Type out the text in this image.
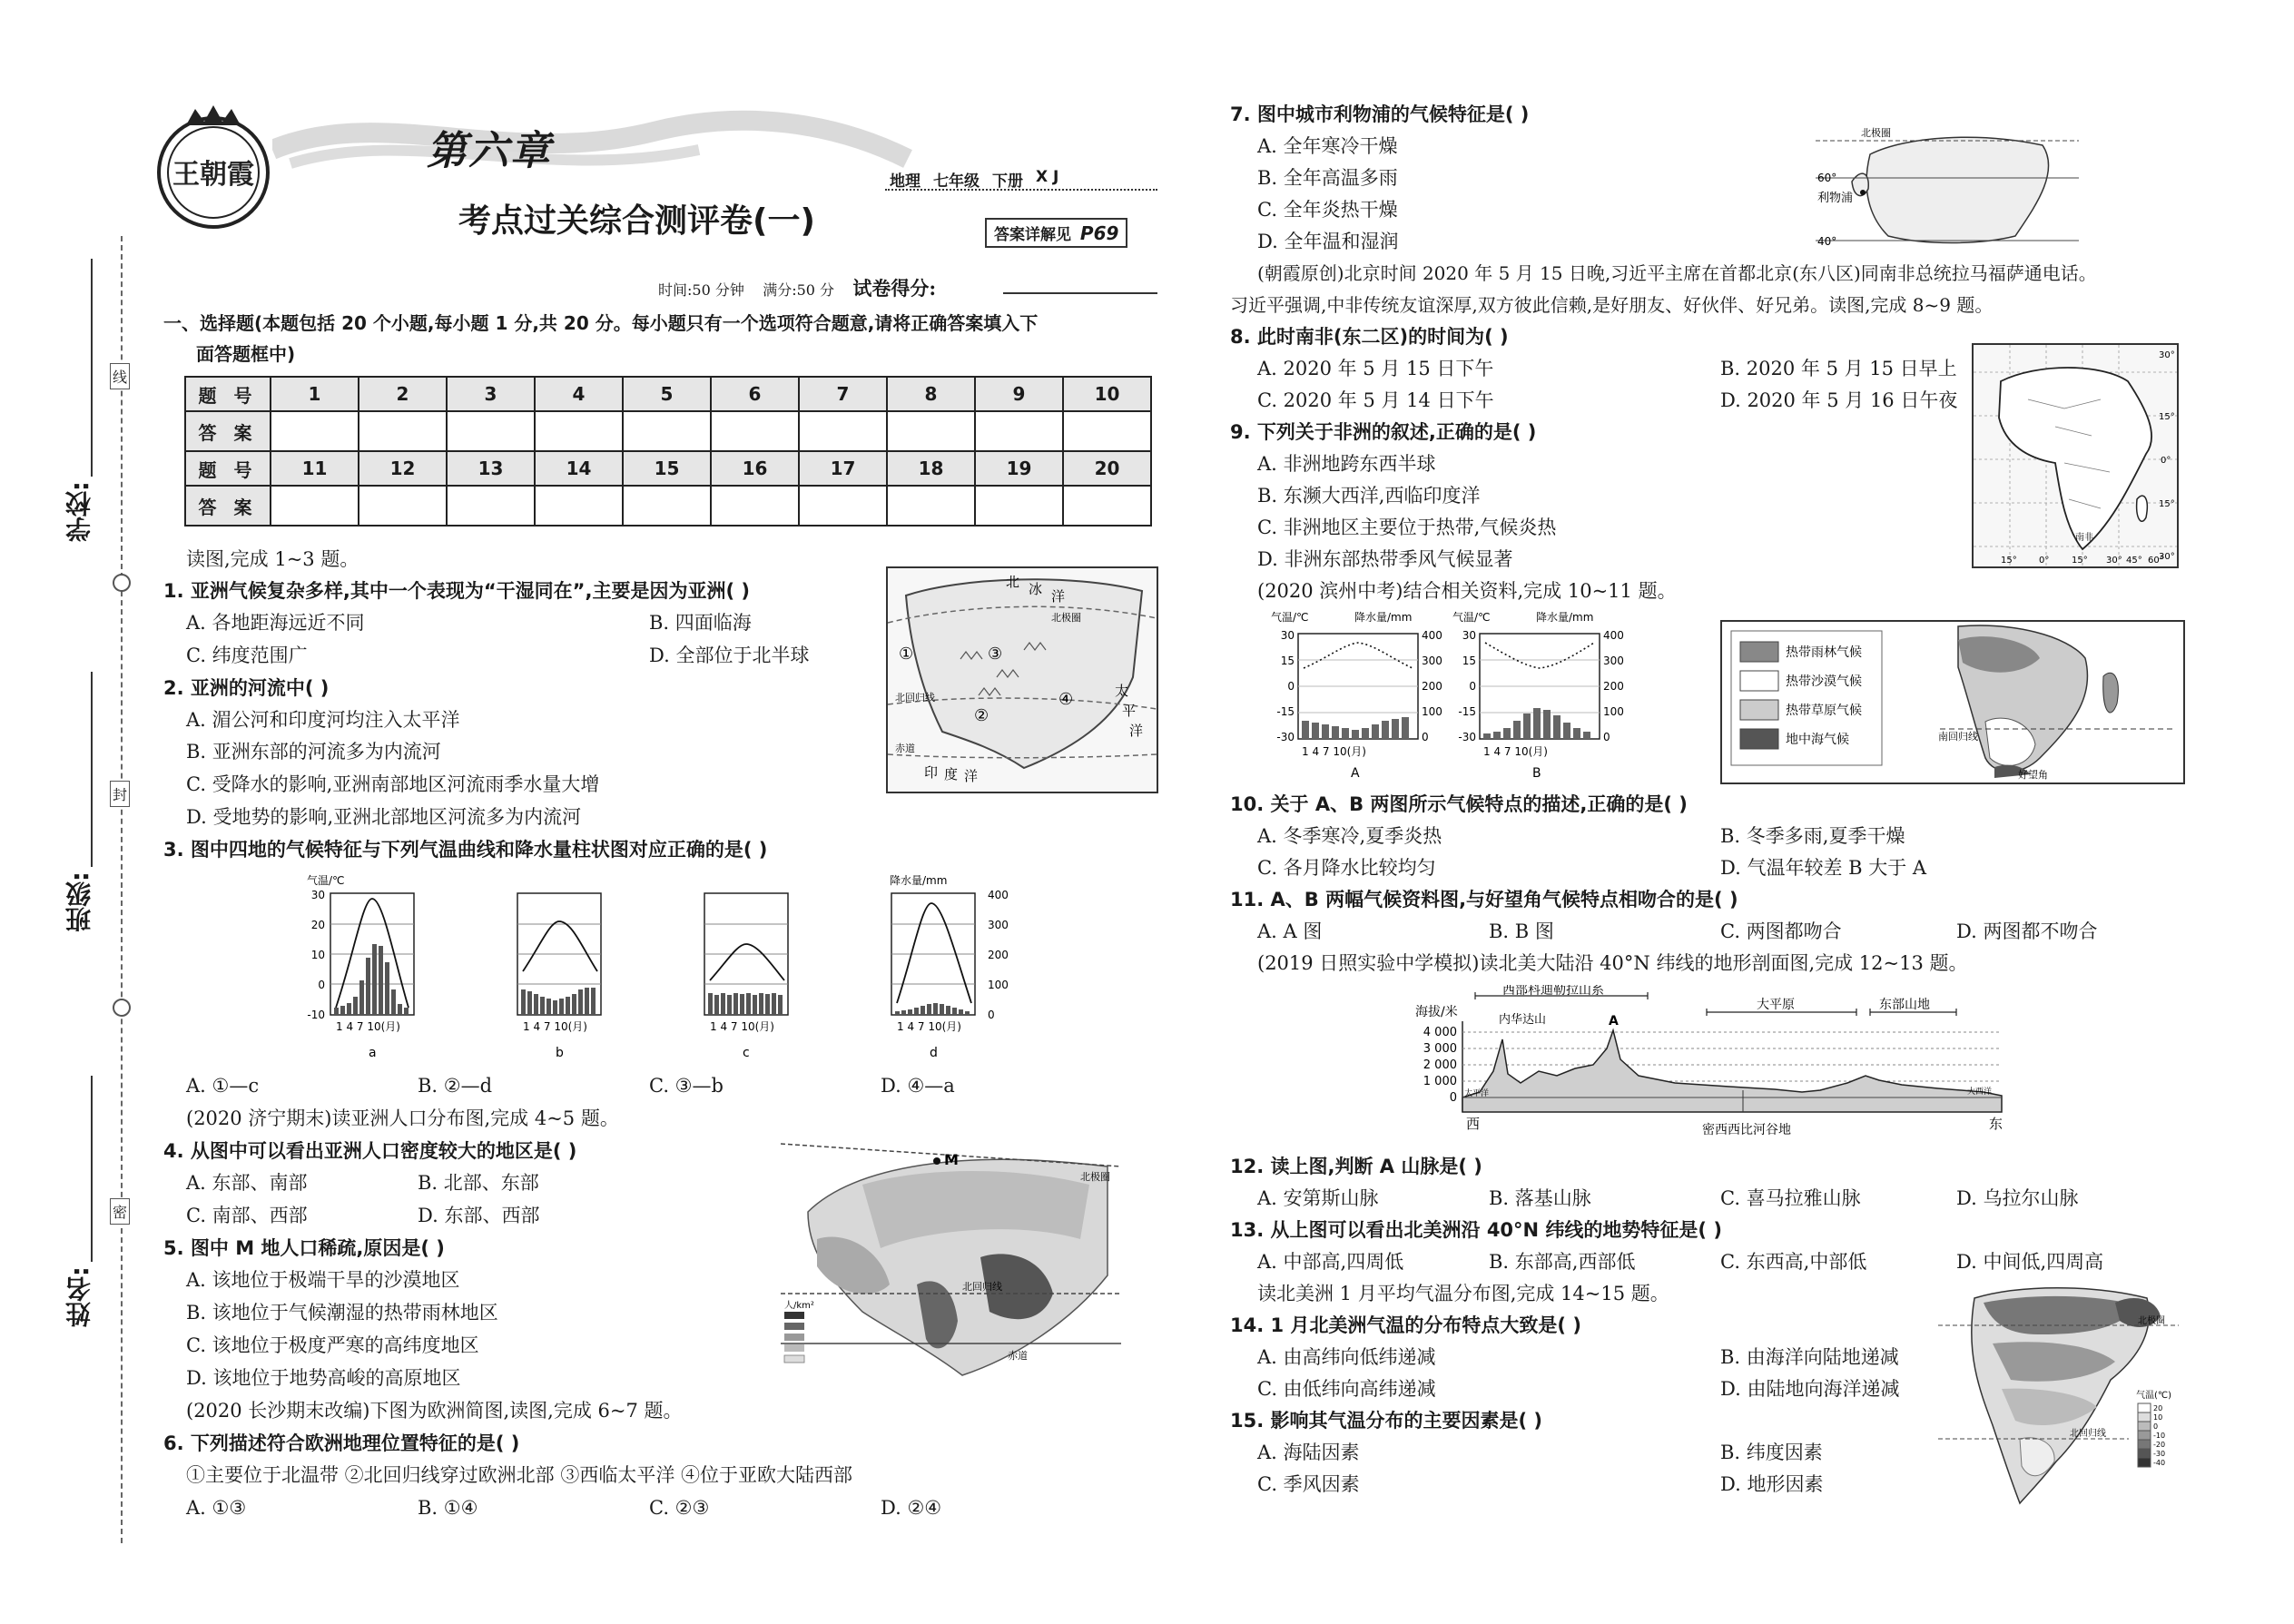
学校:
班级:
姓名:
线
封
密
王朝霞
第六章
地理 七年级 下册 X J
考点过关综合测评卷(一)	答案详解见 P69
时间:50 分钟 满分:50 分 试卷得分:
一、选择题(本题包括 20 个小题,每小题 1 分,共 20 分。每小题只有一个选项符合题意,请将正确答案填入下
面答题框中)
题 号	1	2	3	4	5	6	7	8	9	10
答 案										
题 号	11	12	13	14	15	16	17	18	19	20
答 案										
读图,完成 1~3 题。
1. 亚洲气候复杂多样,其中一个表现为“干湿同在”,主要是因为亚洲( )
A. 各地距海远近不同	B. 四面临海
C. 纬度范围广	D. 全部位于北半球
2. 亚洲的河流中( )
A. 湄公河和印度河均注入太平洋
B. 亚洲东部的河流多为内流河
C. 受降水的影响,亚洲南部地区河流雨季水量大增
D. 受地势的影响,亚洲北部地区河流多为内流河
3. 图中四地的气候特征与下列气温曲线和降水量柱状图对应正确的是( )
北 冰 洋
太
平
洋
印 度 洋
北极圈
北回归线
赤道
①
②
③
④
气温/℃	降水量/mm
30
20
10
0
-10
400
300
200
100
0
1 4 7 10(月)
a
1 4 7 10(月)
b
1 4 7 10(月)
c
1 4 7 10(月)
d
A. ①—c	B. ②—d	C. ③—b	D. ④—a
(2020 济宁期末)读亚洲人口分布图,完成 4~5 题。
4. 从图中可以看出亚洲人口密度较大的地区是( )
A. 东部、南部	B. 北部、东部
C. 南部、西部	D. 东部、西部
5. 图中 M 地人口稀疏,原因是( )
A. 该地位于极端干旱的沙漠地区
B. 该地位于气候潮湿的热带雨林地区
C. 该地位于极度严寒的高纬度地区
D. 该地位于地势高峻的高原地区
M
北极圈
北回归线
赤道
人/km²
(2020 长沙期末改编)下图为欧洲简图,读图,完成 6~7 题。
6. 下列描述符合欧洲地理位置特征的是( )
①主要位于北温带 ②北回归线穿过欧洲北部 ③西临太平洋 ④位于亚欧大陆西部
A. ①③	B. ①④	C. ②③	D. ②④
7. 图中城市利物浦的气候特征是( )
A. 全年寒冷干燥
B. 全年高温多雨
C. 全年炎热干燥
D. 全年温和湿润
北极圈
60°
利物浦
40°
(朝霞原创)北京时间 2020 年 5 月 15 日晚,习近平主席在首都北京(东八区)同南非总统拉马福萨通电话。
习近平强调,中非传统友谊深厚,双方彼此信赖,是好朋友、好伙伴、好兄弟。读图,完成 8~9 题。
8. 此时南非(东二区)的时间为( )
A. 2020 年 5 月 15 日下午	B. 2020 年 5 月 15 日早上
C. 2020 年 5 月 14 日下午	D. 2020 年 5 月 16 日午夜
9. 下列关于非洲的叙述,正确的是( )
A. 非洲地跨东西半球
B. 东濒大西洋,西临印度洋
C. 非洲地区主要位于热带,气候炎热
D. 非洲东部热带季风气候显著
30°
15°
0°
15°
30°
15° 0° 15° 30° 45° 60°
南非
(2020 滨州中考)结合相关资料,完成 10~11 题。
气温/℃	降水量/mm	气温/℃	降水量/mm
30
15
0
-15
-30
30
15
0
-15
-30
400
300
200
100
0
400
300
200
100
0
1 4 7 10(月)
A
1 4 7 10(月)
B
热带雨林气候
热带沙漠气候
热带草原气候
地中海气候	南回归线
好望角
10. 关于 A、B 两图所示气候特点的描述,正确的是( )
A. 冬季寒冷,夏季炎热	B. 冬季多雨,夏季干燥
C. 各月降水比较均匀	D. 气温年较差 B 大于 A
11. A、B 两幅气候资料图,与好望角气候特点相吻合的是( )
A. A 图	B. B 图	C. 两图都吻合	D. 两图都不吻合
(2019 日照实验中学模拟)读北美大陆沿 40°N 纬线的地形剖面图,完成 12~13 题。
海拔/米
4 000
3 000
2 000
1 000
0
西部科迪勒拉山系
大平原	东部山地
内华达山	A
太平洋	大西洋
西	密西西比河谷地	东
12. 读上图,判断 A 山脉是( )
A. 安第斯山脉	B. 落基山脉	C. 喜马拉雅山脉	D. 乌拉尔山脉
13. 从上图可以看出北美洲沿 40°N 纬线的地势特征是( )
A. 中部高,四周低	B. 东部高,西部低	C. 东西高,中部低	D. 中间低,四周高
读北美洲 1 月平均气温分布图,完成 14~15 题。
14. 1 月北美洲气温的分布特点大致是( )
A. 由高纬向低纬递减	B. 由海洋向陆地递减
C. 由低纬向高纬递减	D. 由陆地向海洋递减
15. 影响其气温分布的主要因素是( )
A. 海陆因素	B. 纬度因素
C. 季风因素	D. 地形因素
北极圈
北回归线
气温(℃)
20
10
0
-10
-20
-30
-40
